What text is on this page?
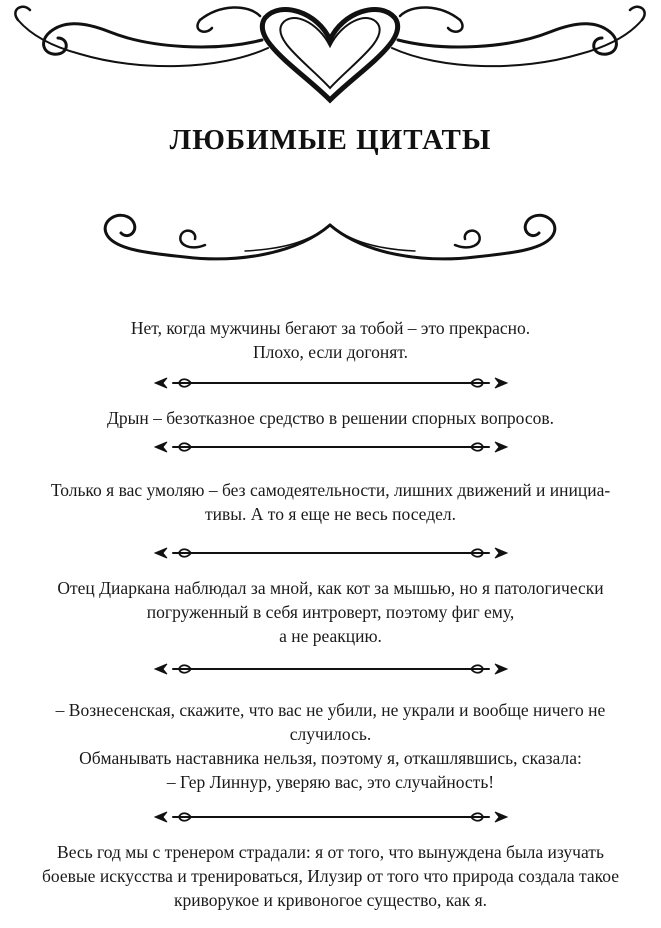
ЛЮБИМЫЕ ЦИТАТЫ
Нет, когда мужчины бегают за тобой – это прекрасно.
Плохо, если догонят.
Дрын – безотказное средство в решении спорных вопросов.
Только я вас умоляю – без самодеятельности, лишних движений и инициа-
тивы. А то я еще не весь поседел.
Отец Диаркана наблюдал за мной, как кот за мышью, но я патологически
погруженный в себя интроверт, поэтому фиг ему,
а не реакцию.
– Вознесенская, скажите, что вас не убили, не украли и вообще ничего не
случилось.
Обманывать наставника нельзя, поэтому я, откашлявшись, сказала:
– Гер Линнур, уверяю вас, это случайность!
Весь год мы с тренером страдали: я от того, что вынуждена была изучать
боевые искусства и тренироваться, Илузир от того что природа создала такое
криворукое и кривоногое существо, как я.
